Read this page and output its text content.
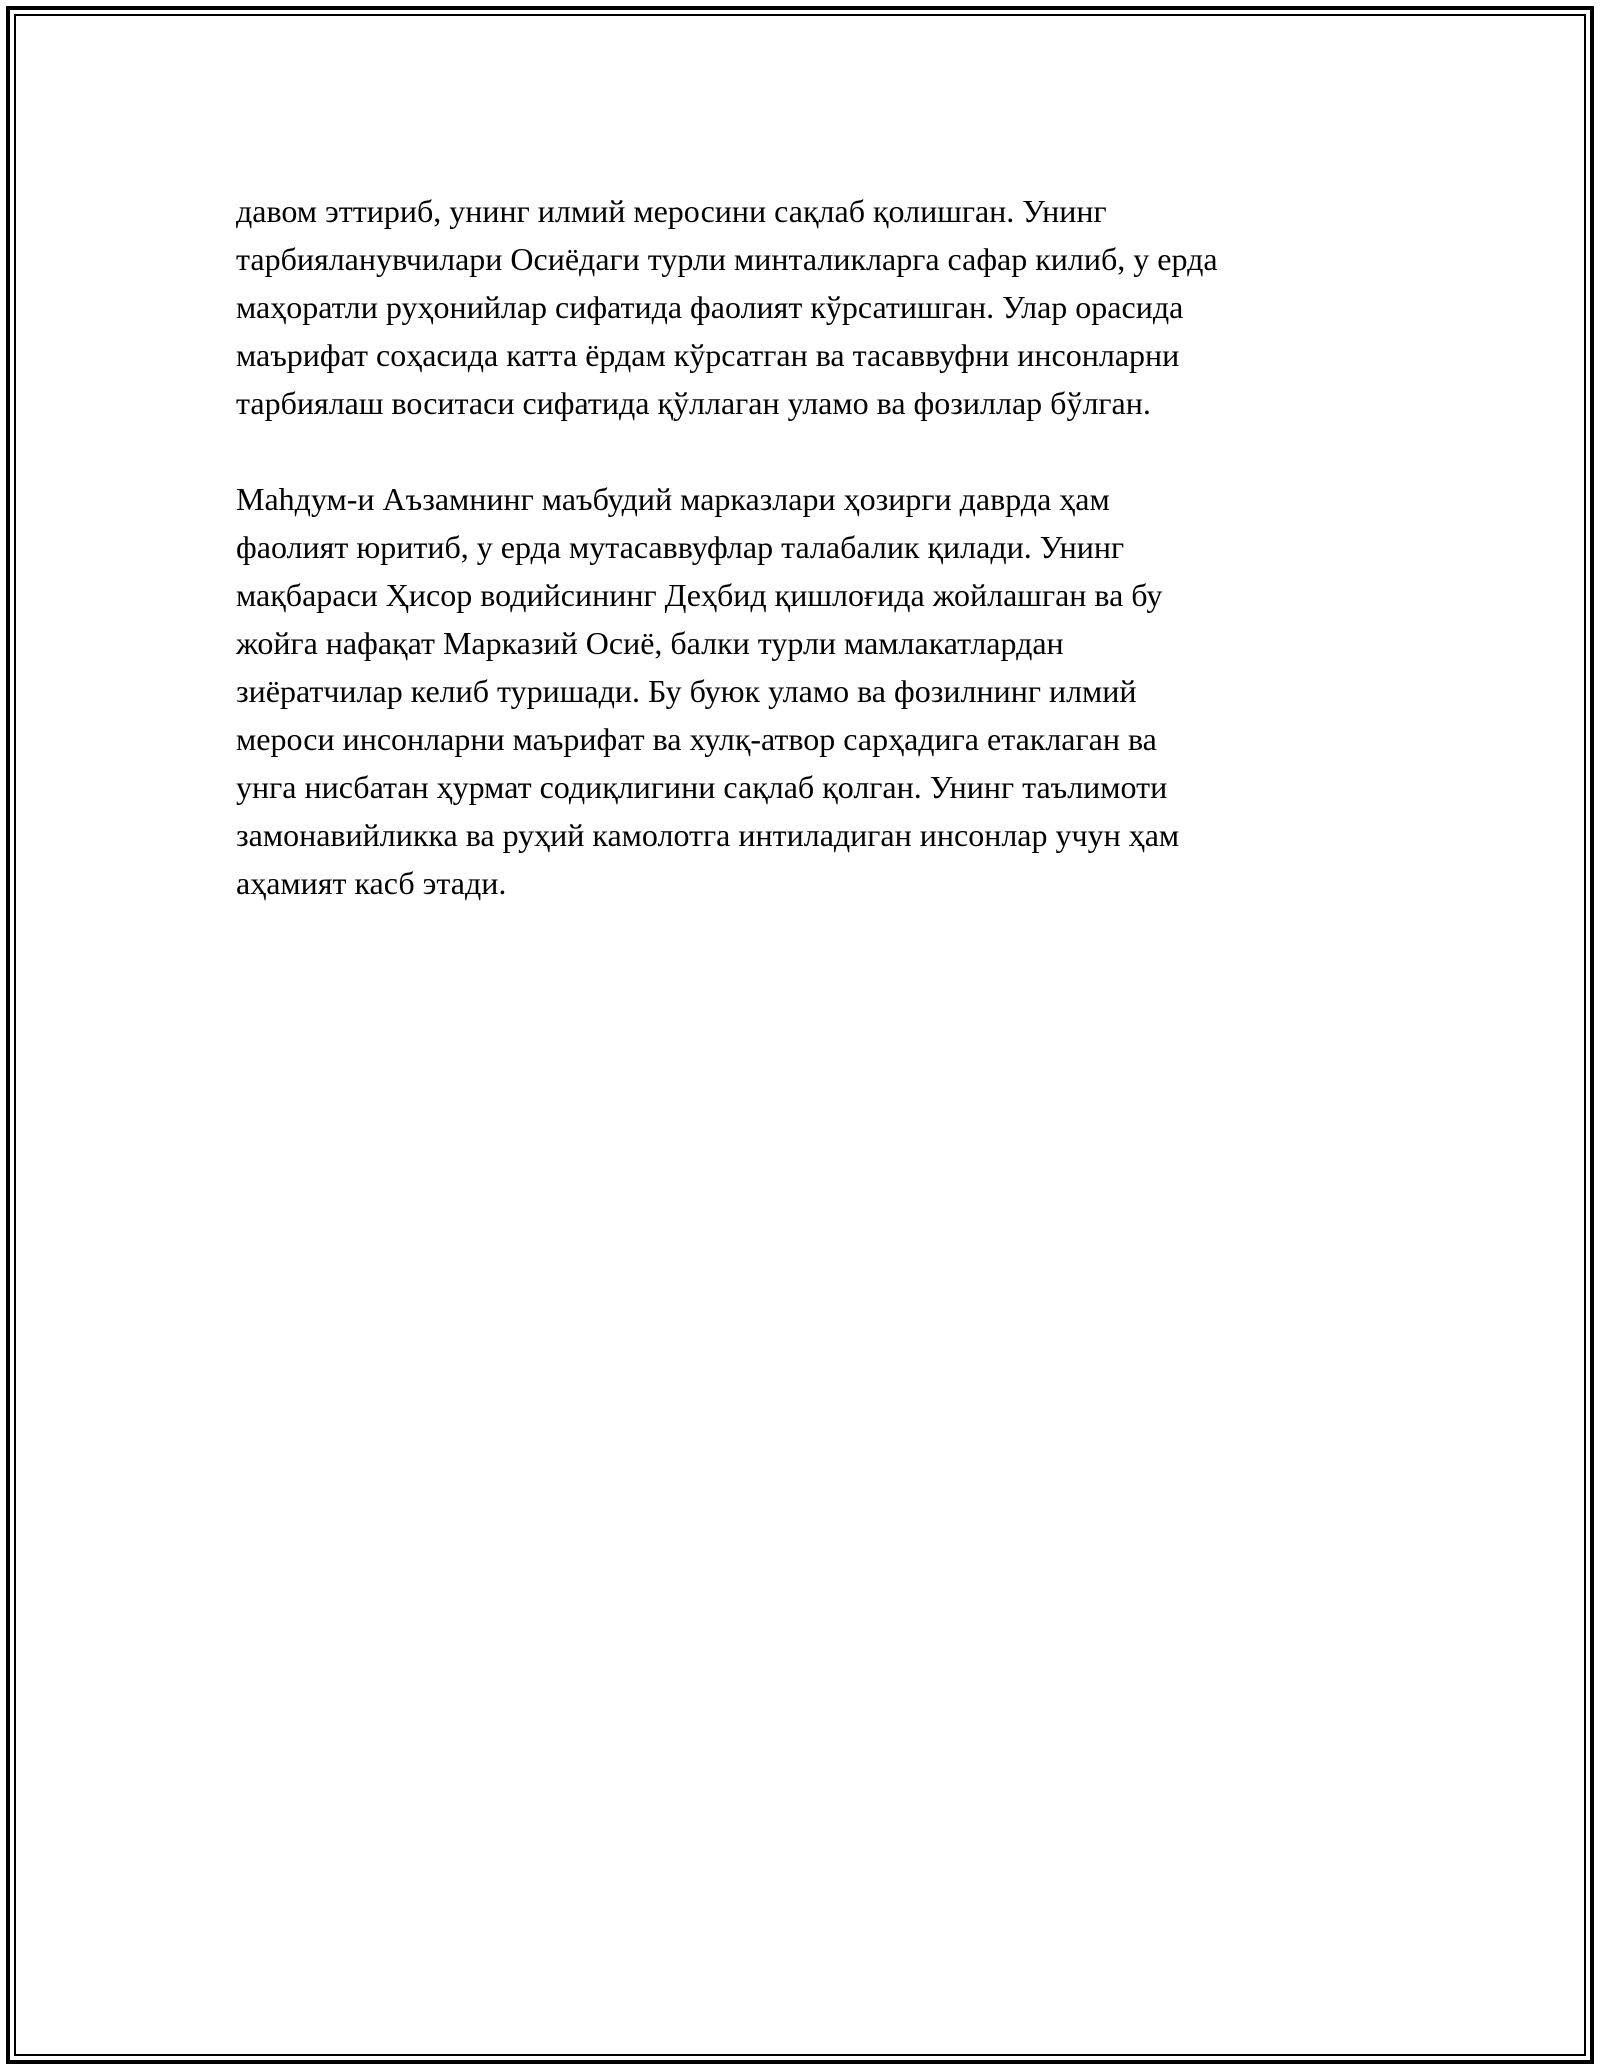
давом эттириб, унинг илмий меросини сақлаб қолишган. Унинг
тарбияланувчилари Осиёдаги турли минталикларга сафар килиб, у ерда
маҳоратли руҳонийлар сифатида фаолият кўрсатишган. Улар орасида
маърифат соҳасида катта ёрдам кўрсатган ва тасаввуфни инсонларни
тарбиялаш воситаси сифатида қўллаган уламо ва фозиллар бўлган.

Маһдум-и Аъзамнинг маъбудий марказлари ҳозирги даврда ҳам
фаолият юритиб, у ерда мутасаввуфлар талабалик қилади. Унинг
мақбараси Ҳисор водийсининг Деҳбид қишлоғида жойлашган ва бу
жойга нафақат Марказий Осиё, балки турли мамлакатлардан
зиёратчилар келиб туришади. Бу буюк уламо ва фозилнинг илмий
мероси инсонларни маърифат ва хулқ-атвор сарҳадига етаклаган ва
унга нисбатан ҳурмат содиқлигини сақлаб қолган. Унинг таълимоти
замонавийликка ва руҳий камолотга интиладиган инсонлар учун ҳам
аҳамият касб этади.
